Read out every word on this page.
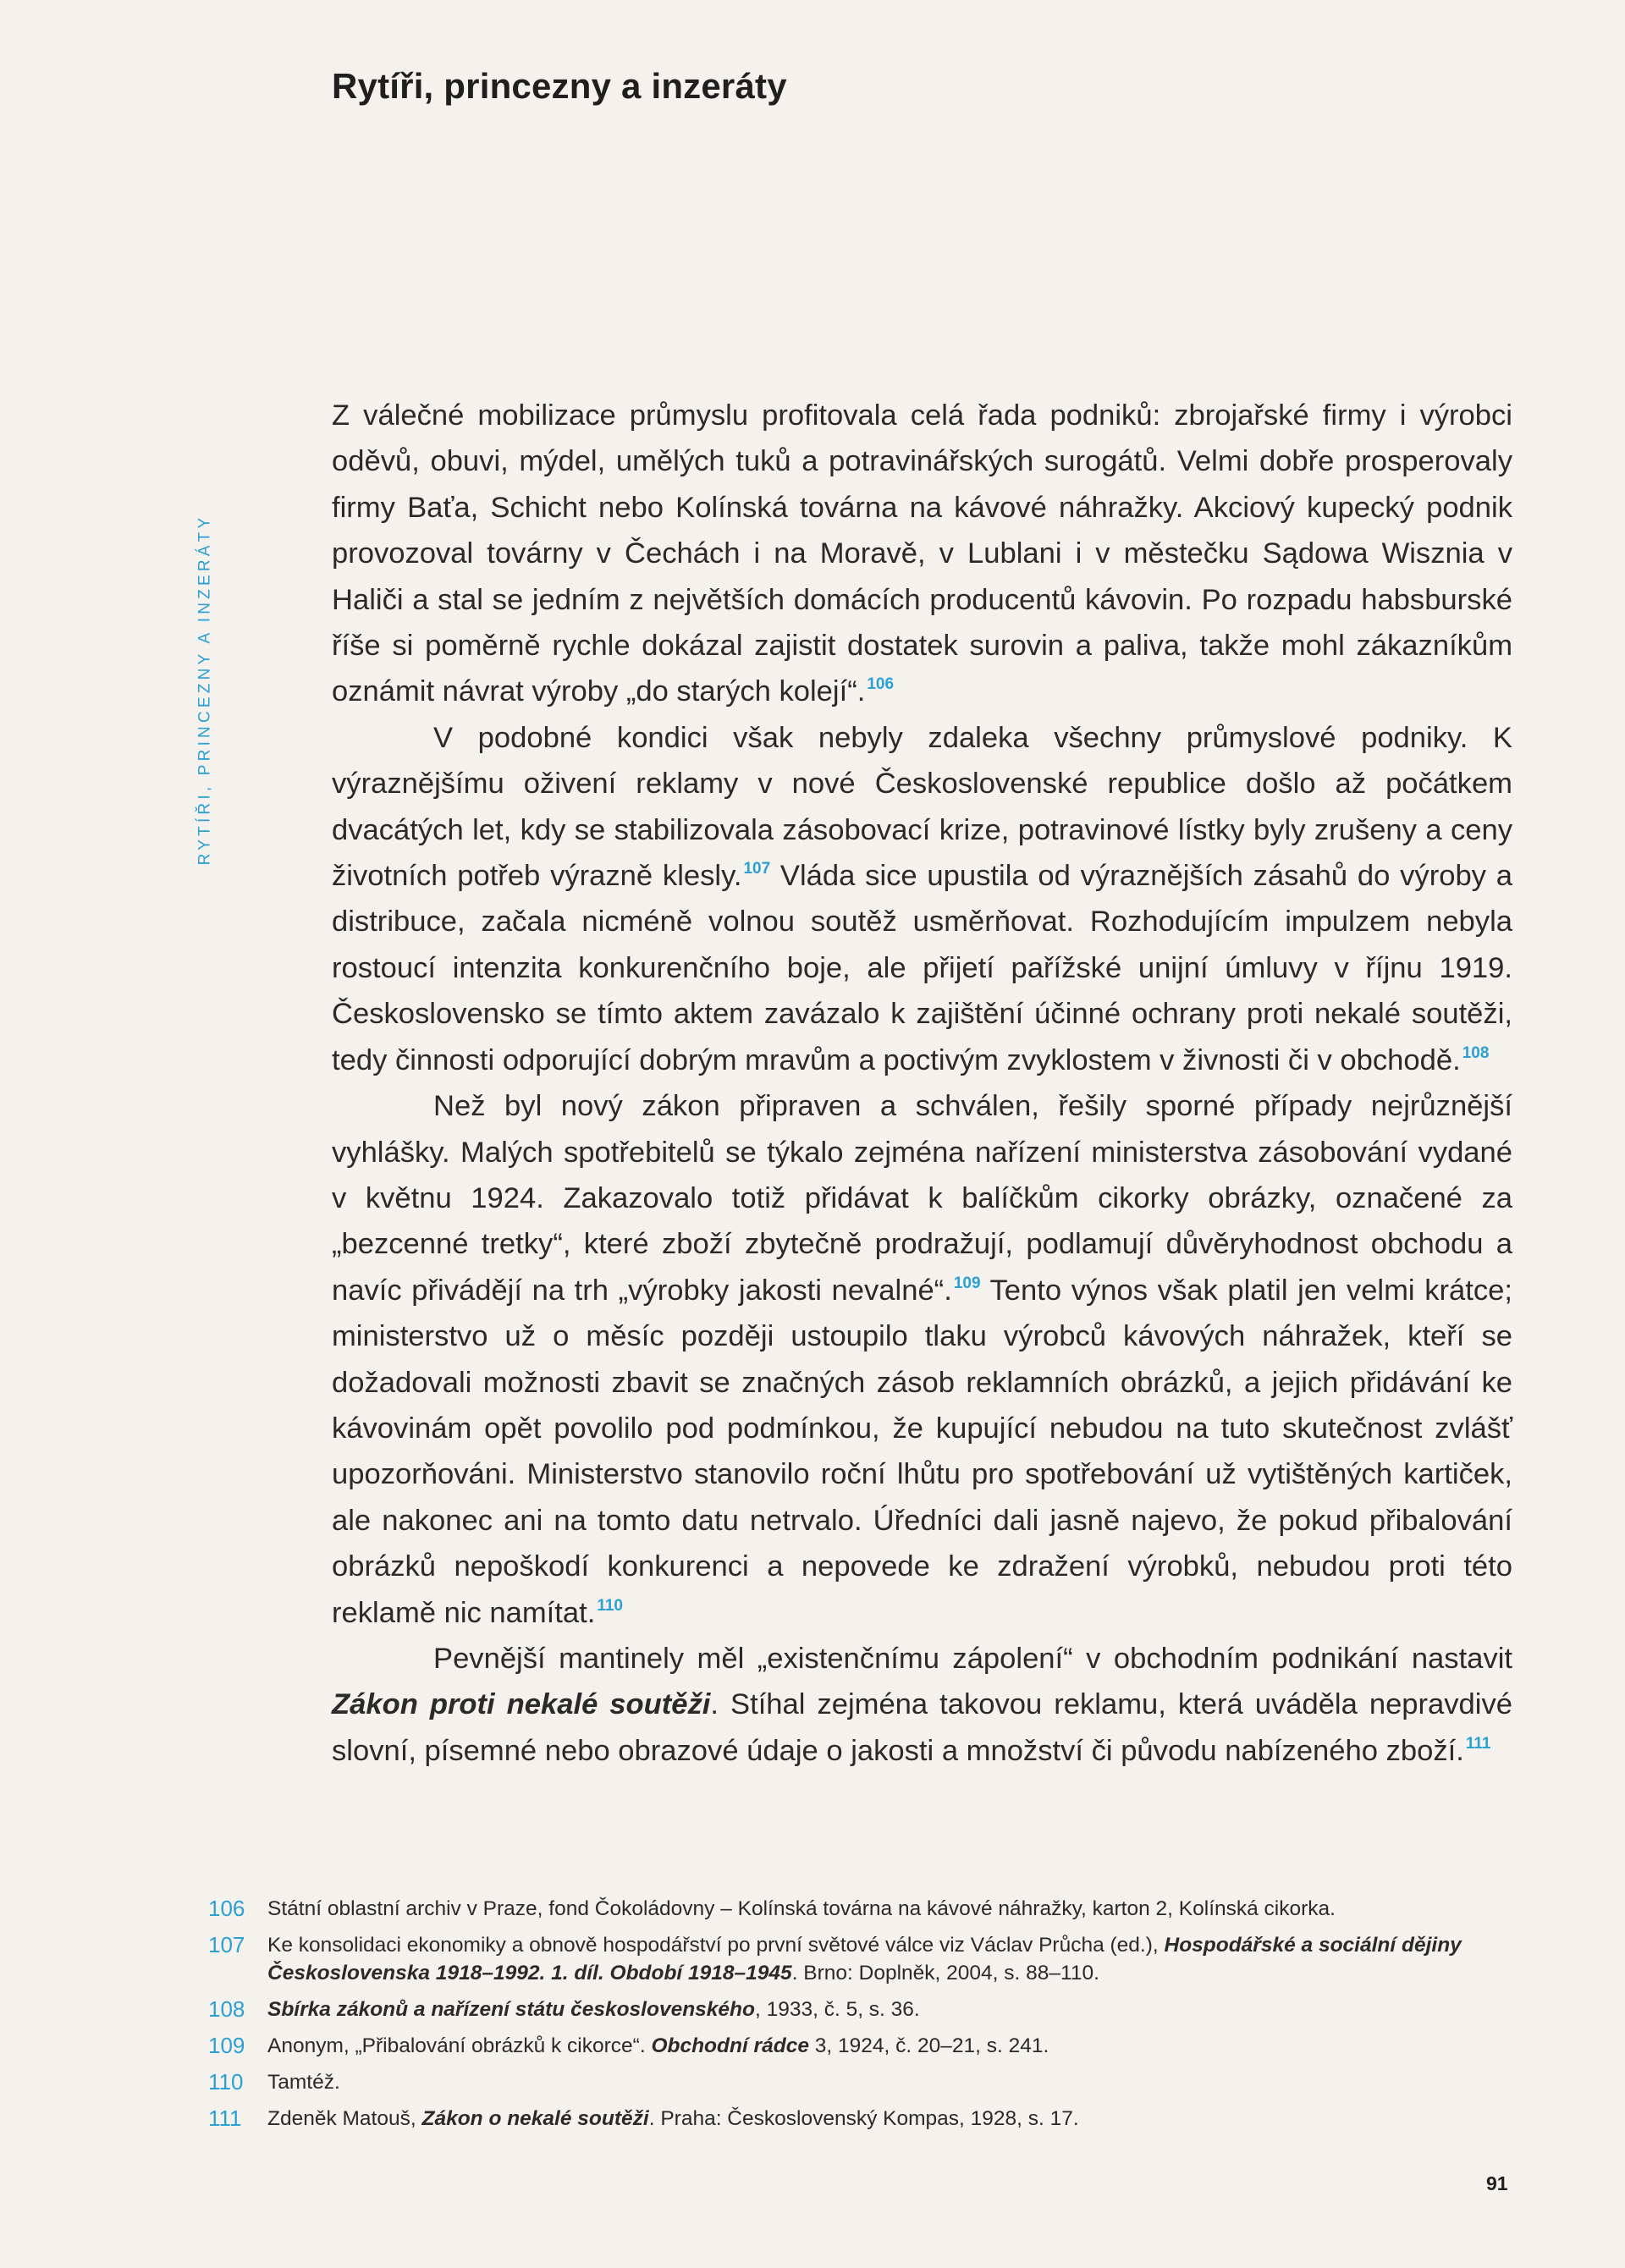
Rytíři, princezny a inzeráty
RYTÍŘI, PRINCEZNY A INZERÁTY

Z válečné mobilizace průmyslu profitovala celá řada podniků: zbrojařské firmy i výrobci oděvů, obuvi, mýdel, umělých tuků a potravinářských surogátů. Velmi dobře prosperovaly firmy Baťa, Schicht nebo Kolínská továrna na kávové náhražky. Akciový kupecký podnik provozoval továrny v Čechách i na Moravě, v Lublani i v městečku Sądowa Wisznia v Haliči a stal se jedním z největších domácích producentů kávovin. Po rozpadu habsburské říše si poměrně rychle dokázal zajistit dostatek surovin a paliva, takže mohl zákazníkům oznámit návrat výroby „do starých kolejí“. $^{106}$

V podobné kondici však nebyly zdaleka všechny průmyslové podniky. K výraznějšímu oživení reklamy v nové Československé republice došlo až počátkem dvacátých let, kdy se stabilizovala zásobovací krize, potravinové lístky byly zrušeny a ceny životních potřeb výrazně klesly. $^{107}$ Vláda sice upustila od výraznějších zásahů do výroby a distribuce, začala nicméně volnou soutěž usměrňovat. Rozhodujícím impulzem nebyla rostoucí intenzita konkurenčního boje, ale přijetí pařížské unijní úmluvy v říjnu 1919. Československo se tímto aktem zavázalo k zajištění účinné ochrany proti nekalé soutěži, tedy činnosti odporující dobrým mravům a poctivým zvyklostem v živnosti či v obchodě. $^{108}$

Než byl nový zákon připraven a schválen, řešily sporné případy nejrůznější vyhlášky. Malých spotřebitelů se týkalo zejména nařízení ministerstva zásobování vydané v květnu 1924. Zakazovalo totiž přidávat k balíčkům cikorky obrázky, označené za „bezcenné tretky“, které zboží zbytečně prodražují, podlamují důvěryhodnost obchodu a navíc přivádějí na trh „výrobky jakosti nevalné“. $^{109}$ Tento výnos však platil jen velmi krátce; ministerstvo už o měsíc později ustoupilo tlaku výrobců kávových náhražek, kteří se dožadovali možnosti zbavit se značných zásob reklamních obrázků, a jejich přidávání ke kávovinám opět povolilo pod podmínkou, že kupující nebudou na tuto skutečnost zvlášť upozorňováni. Ministerstvo stanovilo roční lhůtu pro spotřebování už vytištěných kartiček, ale nakonec ani na tomto datu netrvalo. Úředníci dali jasně najevo, že pokud přibalování obrázků nepoškodí konkurenci a nepovede ke zdražení výrobků, nebudou proti této reklamě nic namítat. $^{110}$

Pevnější mantinely měl „existenčnímu zápolení“ v obchodním podnikání nastavit Zákon proti nekalé soutěži. Stíhal zejména takovou reklamu, která uváděla nepravdivé slovní, písemné nebo obrazové údaje o jakosti a množství či původu nabízeného zboží. $^{111}$

106	Státní oblastní archiv v Praze, fond Čokoládovny – Kolínská továrna na kávové náhražky, karton 2, Kolínská cikorka.
107	Ke konsolidaci ekonomiky a obnově hospodářství po první světové válce viz Václav Průcha (ed.), Hospodářské a sociální dějiny Československa 1918–1992. 1. díl. Období 1918–1945. Brno: Doplněk, 2004, s. 88–110.
108	Sbírka zákonů a nařízení státu československého, 1933, č. 5, s. 36.
109	Anonym, „Přibalování obrázků k cikorce“. Obchodní rádce 3, 1924, č. 20–21, s. 241.
110	Tamtéž.
111	Zdeněk Matouš, Zákon o nekalé soutěži. Praha: Československý Kompas, 1928, s. 17.
91
